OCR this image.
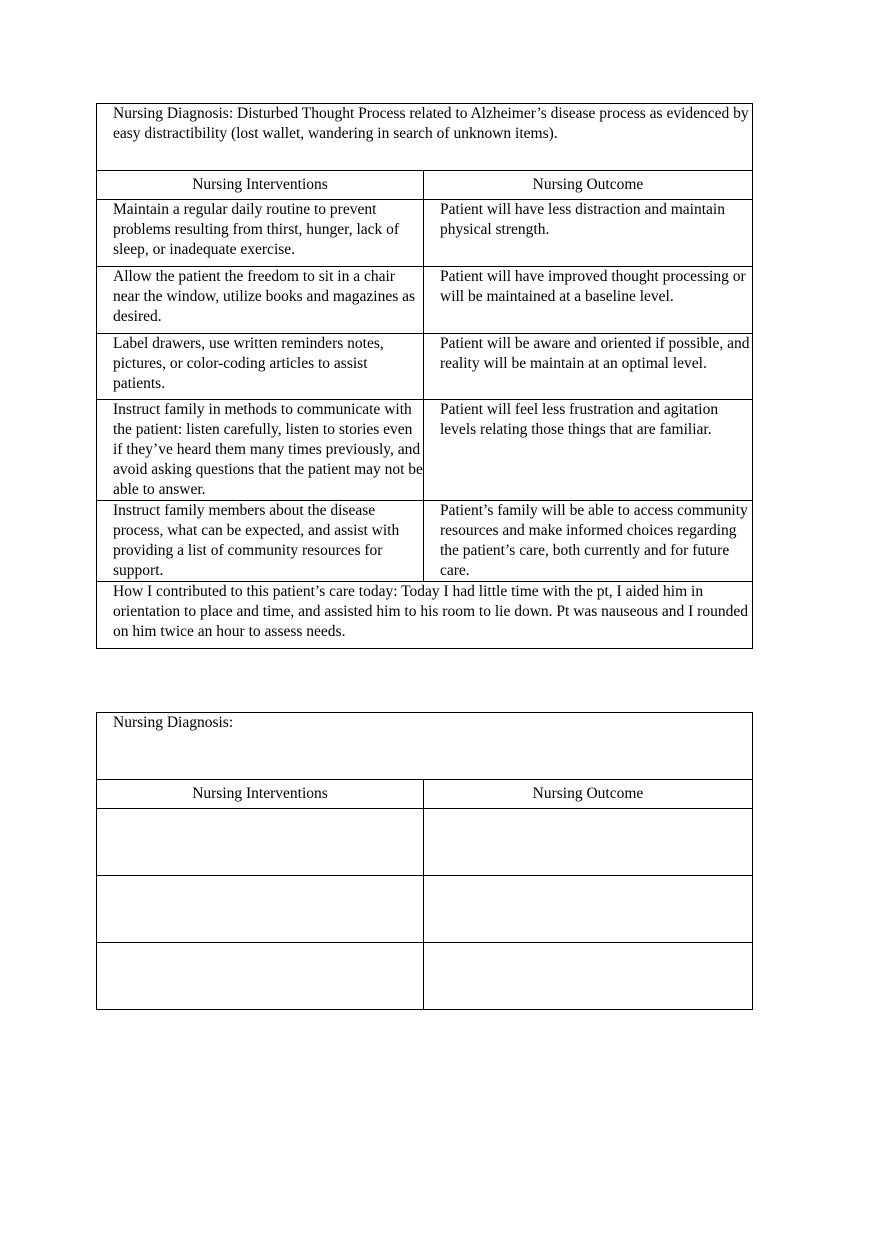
Nursing Diagnosis: Disturbed Thought Process related to Alzheimer’s disease process as evidenced by easy distractibility (lost wallet, wandering in search of unknown items).	

Nursing Interventions	Nursing Outcome
Maintain a regular daily routine to prevent problems resulting from thirst, hunger, lack of sleep, or inadequate exercise.	Patient will have less distraction and maintain physical strength.
Allow the patient the freedom to sit in a chair near the window, utilize books and magazines as desired.	Patient will have improved thought processing or will be maintained at a baseline level.
Label drawers, use written reminders notes, pictures, or color-coding articles to assist patients.	Patient will be aware and oriented if possible, and reality will be maintain at an optimal level.
Instruct family in methods to communicate with the patient: listen carefully, listen to stories even if they’ve heard them many times previously, and avoid asking questions that the patient may not be able to answer.	Patient will feel less frustration and agitation levels relating those things that are familiar.
Instruct family members about the disease process, what can be expected, and assist with providing a list of community resources for support.	Patient’s family will be able to access community resources and make informed choices regarding the patient’s care, both currently and for future care.
How I contributed to this patient’s care today: Today I had little time with the pt, I aided him in orientation to place and time, and assisted him to his room to lie down. Pt was nauseous and I rounded on him twice an hour to assess needs.	
Nursing Diagnosis:	

Nursing Interventions	Nursing Outcome
